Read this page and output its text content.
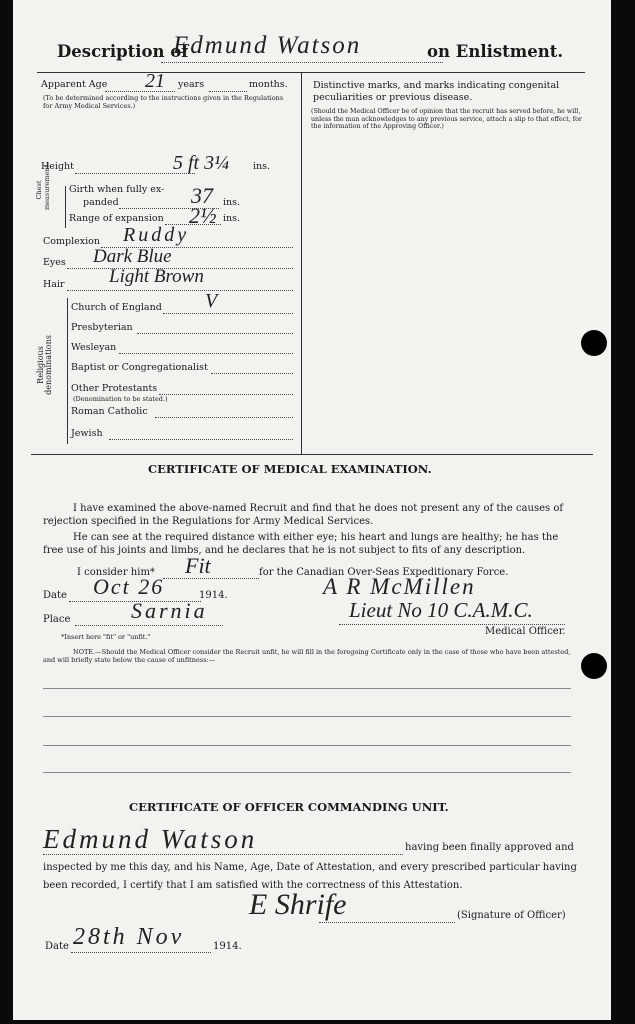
Description of
Edmund Watson	on Enlistment.
Apparent Age 21 years	months.
(To be determined according to the instructions given in the Regulations for Army Medical Services.)
Height	5 ft 3¼	ins.
Chest measurement. Girth when fully ex-
panded	37 ins.
Range of expansion 2½ ins.
Complexion Ruddy
Eyes Dark Blue
Hair Light Brown
Religious denominations
Church of England V
Presbyterian
Wesleyan
Baptist or Congregationalist
Other Protestants
(Denomination to be stated.)
Roman Catholic
Jewish
Distinctive marks, and marks indicating congenital peculiarities or previous disease.
(Should the Medical Officer be of opinion that the recruit has served before, he will, unless the man acknowledges to any previous service, attach a slip to that effect, for the information of the Approving Officer.)
CERTIFICATE OF MEDICAL EXAMINATION.
I have examined the above-named Recruit and find that he does not present any of the causes of rejection specified in the Regulations for Army Medical Services.
He can see at the required distance with either eye; his heart and lungs are healthy; he has the free use of his joints and limbs, and he declares that he is not subject to fits of any description.
I consider him* Fit	for the Canadian Over-Seas Expeditionary Force.
Date Oct 26	1914.	A R McMillen
Place	Sarnia	Lieut No 10 C.A.M.C.
Medical Officer.
*Insert here "fit" or "unfit."
NOTE.—Should the Medical Officer consider the Recruit unfit, he will fill in the foregoing Certificate only in the case of those who have been attested, and will briefly state below the cause of unfitness:—
CERTIFICATE OF OFFICER COMMANDING UNIT.
Edmund Watson	having been finally approved and
inspected by me this day, and his Name, Age, Date of Attestation, and every prescribed particular having
been recorded, I certify that I am satisfied with the correctness of this Attestation.
E Shrife	(Signature of Officer)
Date 28th Nov	1914.
